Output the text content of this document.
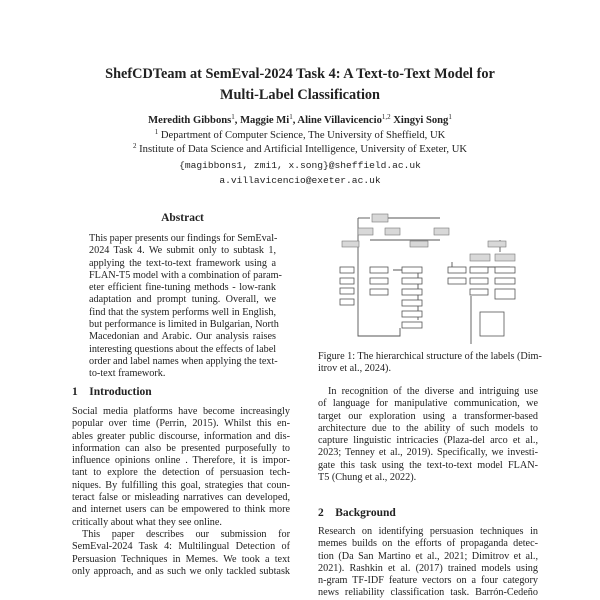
ShefCDTeam at SemEval-2024 Task 4: A Text-to-Text Model for
Multi-Label Classification
Meredith Gibbons$^1$, Maggie Mi$^1$, Aline Villavicencio$^{1,2}$ Xingyi Song$^1$
$^1$ Department of Computer Science, The University of Sheffield, UK
$^2$ Institute of Data Science and Artificial Intelligence, University of Exeter, UK
{magibbons1, zmi1, x.song}@sheffield.ac.uk
a.villavicencio@exeter.ac.uk
Abstract
This paper presents our findings for SemEval-
2024 Task 4. We submit only to subtask 1,
applying the text-to-text framework using a
FLAN-T5 model with a combination of param-
eter efficient fine-tuning methods - low-rank
adaptation and prompt tuning. Overall, we
find that the system performs well in English,
but performance is limited in Bulgarian, North
Macedonian and Arabic. Our analysis raises
interesting questions about the effects of label
order and label names when applying the text-
to-text framework.
1 Introduction
Social media platforms have become increasingly
popular over time (Perrin, 2015). Whilst this en-
ables greater public discourse, information and dis-
information can also be presented purposefully to
influence opinions online . Therefore, it is impor-
tant to explore the detection of persuasion tech-
niques. By fulfilling this goal, strategies that coun-
teract false or misleading narratives can developed,
and internet users can be empowered to think more
critically about what they see online.
This paper describes our submission for
SemEval-2024 Task 4: Multilingual Detection of
Persuasion Techniques in Memes. We took a text
only approach, and as such we only tackled subtask
Figure 1: The hierarchical structure of the labels (Dim-
itrov et al., 2024).
In recognition of the diverse and intriguing use
of language for manipulative communication, we
target our exploration using a transformer-based
architecture due to the ability of such models to
capture linguistic intricacies (Plaza-del arco et al.,
2023; Tenney et al., 2019). Specifically, we investi-
gate this task using the text-to-text model FLAN-
T5 (Chung et al., 2022).
2 Background
Research on identifying persuasion techniques in
memes builds on the efforts of propaganda detec-
tion (Da San Martino et al., 2021; Dimitrov et al.,
2021). Rashkin et al. (2017) trained models using
n-gram TF-IDF feature vectors on a four category
news reliability classification task. Barrón-Cedeño
